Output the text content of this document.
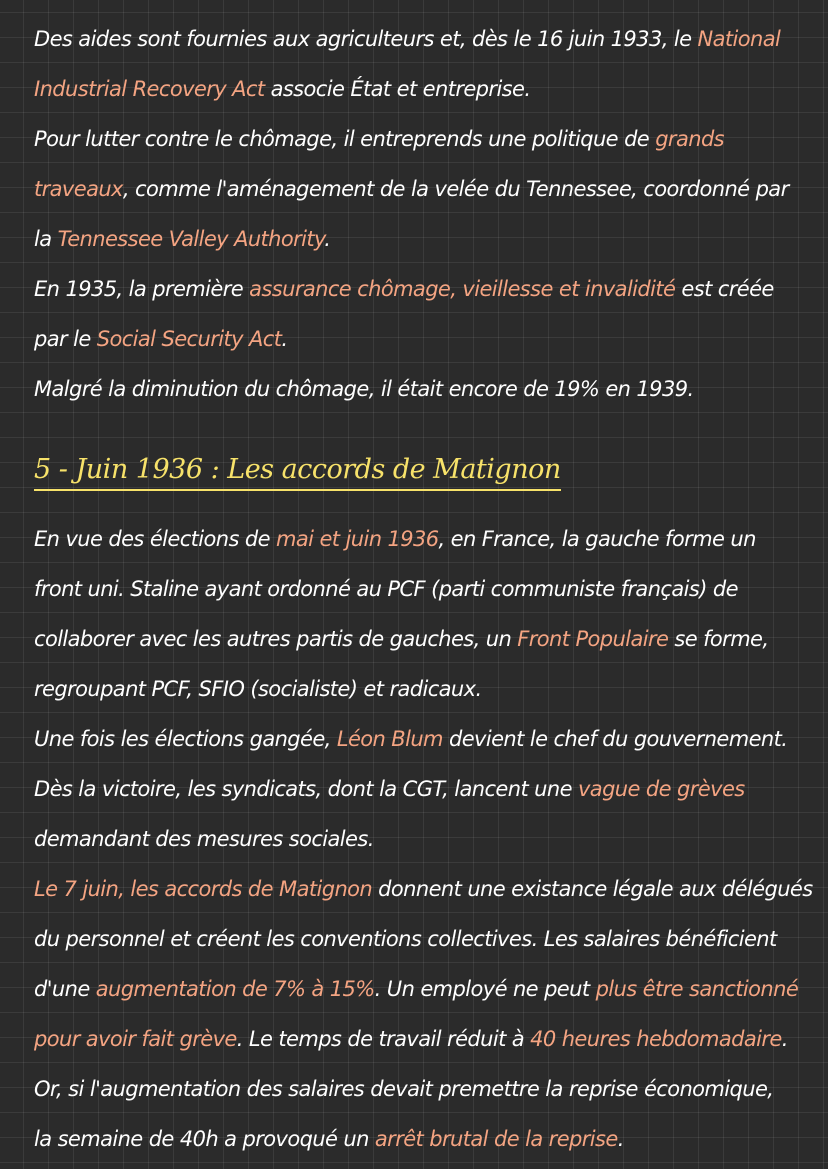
Des aides sont fournies aux agriculteurs et, dès le 16 juin 1933, le National
Industrial Recovery Act associe État et entreprise.
Pour lutter contre le chômage, il entreprends une politique de grands
traveaux, comme l'aménagement de la velée du Tennessee, coordonné par
la Tennessee Valley Authority.
En 1935, la première assurance chômage, vieillesse et invalidité est créée
par le Social Security Act.
Malgré la diminution du chômage, il était encore de 19% en 1939.
5 - Juin 1936 : Les accords de Matignon
En vue des élections de mai et juin 1936, en France, la gauche forme un
front uni. Staline ayant ordonné au PCF (parti communiste français) de
collaborer avec les autres partis de gauches, un Front Populaire se forme,
regroupant PCF, SFIO (socialiste) et radicaux.
Une fois les élections gangée, Léon Blum devient le chef du gouvernement.
Dès la victoire, les syndicats, dont la CGT, lancent une vague de grèves
demandant des mesures sociales.
Le 7 juin, les accords de Matignon donnent une existance légale aux délégués
du personnel et créent les conventions collectives. Les salaires bénéficient
d'une augmentation de 7% à 15%. Un employé ne peut plus être sanctionné
pour avoir fait grève. Le temps de travail réduit à 40 heures hebdomadaire.
Or, si l'augmentation des salaires devait premettre la reprise économique,
la semaine de 40h a provoqué un arrêt brutal de la reprise.
